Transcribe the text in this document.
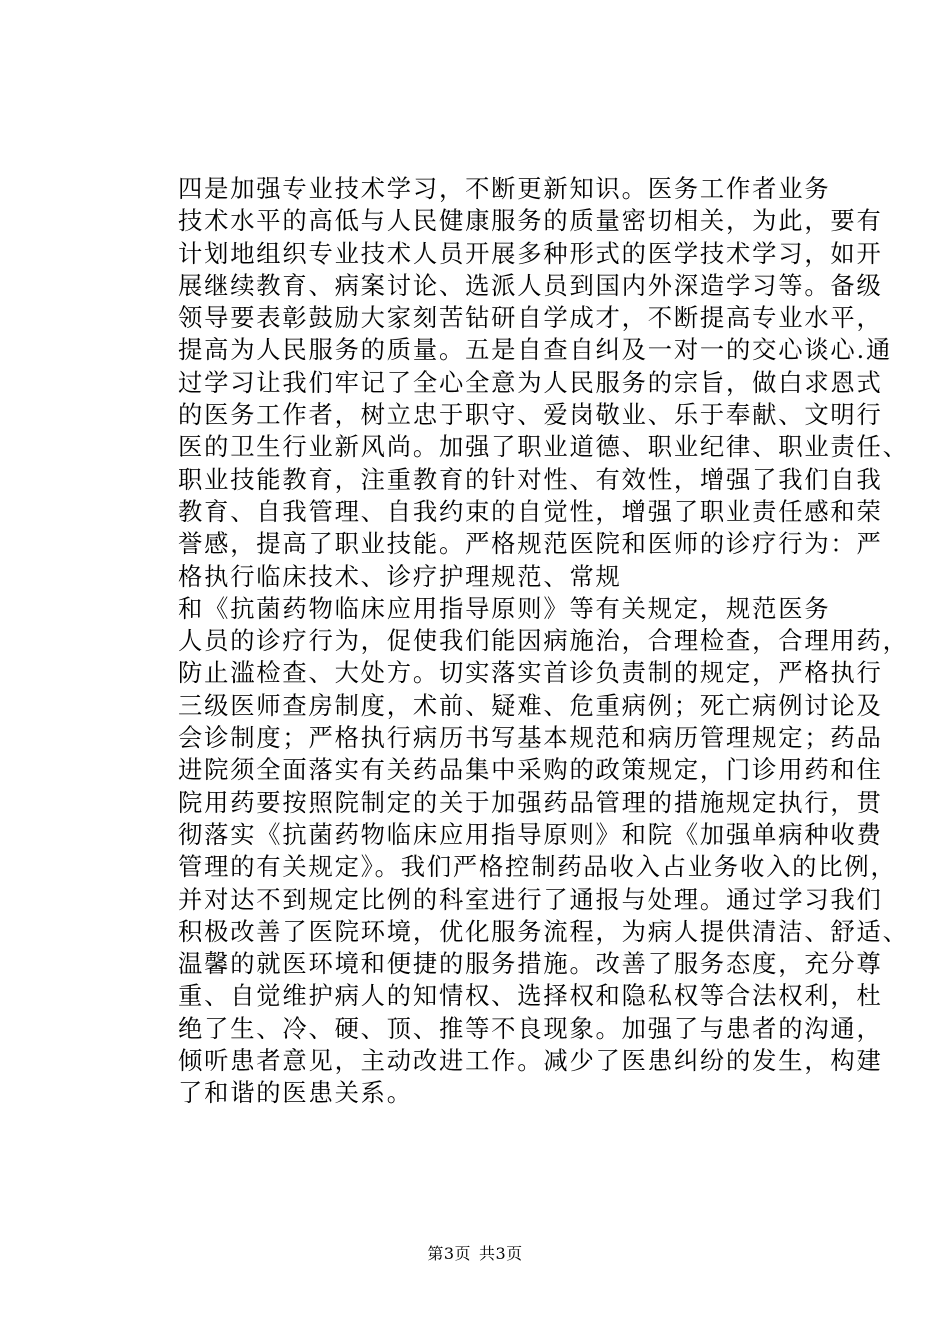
四是加强专业技术学习，不断更新知识。医务工作者业务
技术水平的高低与人民健康服务的质量密切相关，为此，要有
计划地组织专业技术人员开展多种形式的医学技术学习，如开
展继续教育、病案讨论、选派人员到国内外深造学习等。备级
领导要表彰鼓励大家刻苦钻研自学成才，不断提高专业水平，
提高为人民服务的质量。五是自查自纠及一对一的交心谈心.通
过学习让我们牢记了全心全意为人民服务的宗旨，做白求恩式
的医务工作者，树立忠于职守、爱岗敬业、乐于奉献、文明行
医的卫生行业新风尚。加强了职业道德、职业纪律、职业责任、
职业技能教育，注重教育的针对性、有效性，增强了我们自我
教育、自我管理、自我约束的自觉性，增强了职业责任感和荣
誉感，提高了职业技能。严格规范医院和医师的诊疗行为：严
格执行临床技术、诊疗护理规范、常规

和《抗菌药物临床应用指导原则》等有关规定，规范医务
人员的诊疗行为，促使我们能因病施治，合理检查，合理用药，
防止滥检查、大处方。切实落实首诊负责制的规定，严格执行
三级医师查房制度，术前、疑难、危重病例；死亡病例讨论及
会诊制度；严格执行病历书写基本规范和病历管理规定；药品
进院须全面落实有关药品集中采购的政策规定，门诊用药和住
院用药要按照院制定的关于加强药品管理的措施规定执行，贯
彻落实《抗菌药物临床应用指导原则》和院《加强单病种收费
管理的有关规定》。我们严格控制药品收入占业务收入的比例，
并对达不到规定比例的科室进行了通报与处理。通过学习我们
积极改善了医院环境，优化服务流程，为病人提供清洁、舒适、
温馨的就医环境和便捷的服务措施。改善了服务态度，充分尊
重、自觉维护病人的知情权、选择权和隐私权等合法权利，杜
绝了生、冷、硬、顶、推等不良现象。加强了与患者的沟通，
倾听患者意见，主动改进工作。减少了医患纠纷的发生，构建
了和谐的医患关系。

第3页 共3页
